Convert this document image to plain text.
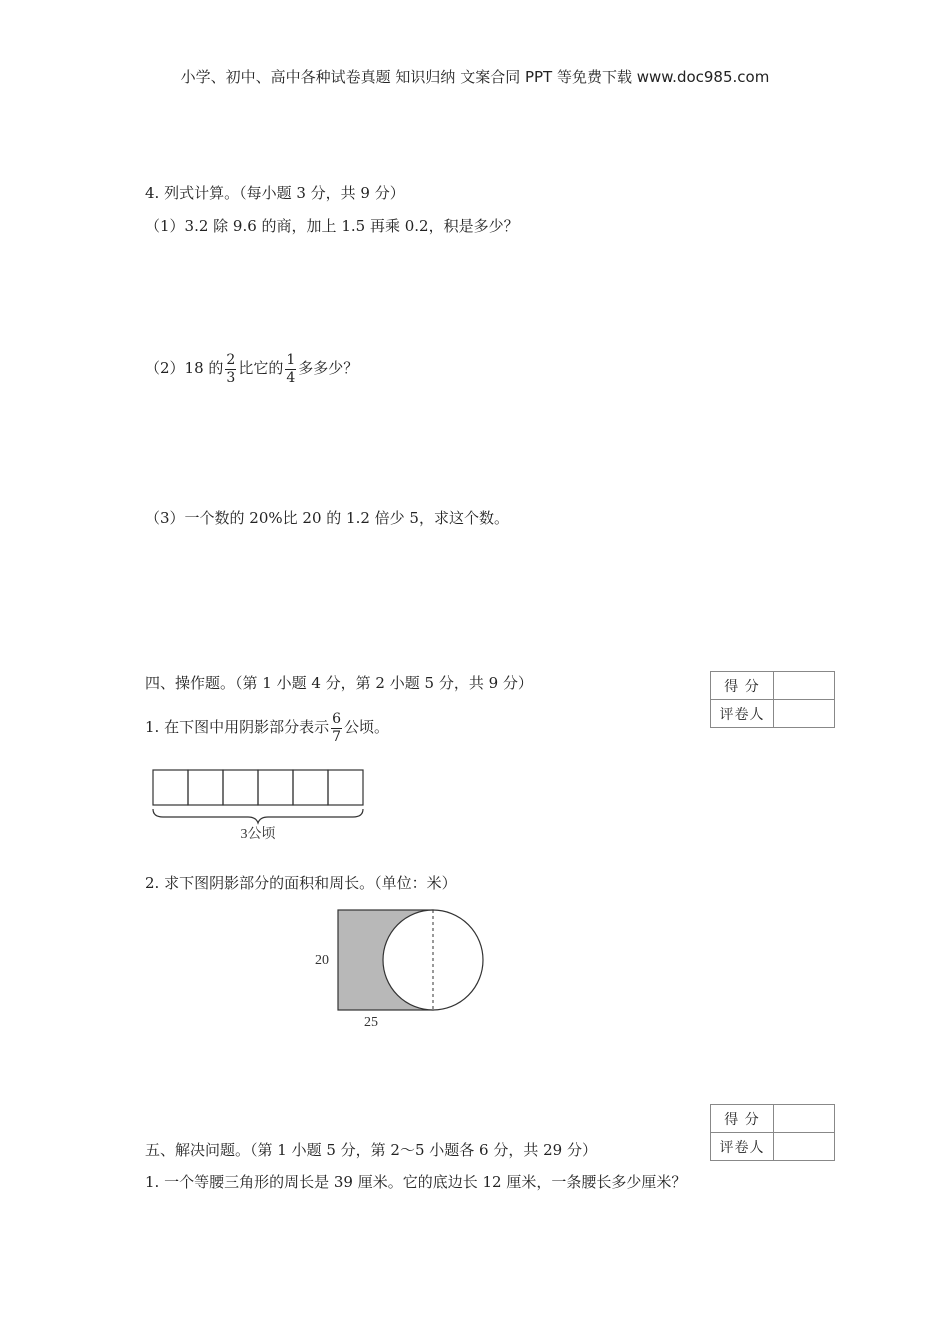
小学、初中、高中各种试卷真题 知识归纳 文案合同 PPT 等免费下载 www.doc985.com
4. 列式计算。（每小题 3 分，共 9 分）
（1）3.2 除 9.6 的商，加上 1.5 再乘 0.2，积是多少？
（2）18 的 $\frac{2}{3}$ 比它的 $\frac{1}{4}$ 多多少？
（3）一个数的 20%比 20 的 1.2 倍少 5，求这个数。
四、操作题。（第 1 小题 4 分，第 2 小题 5 分，共 9 分）	得 分	
评卷人	
1. 在下图中用阴影部分表示 $\frac{6}{7}$ 公顷。
3公顷
2. 求下图阴影部分的面积和周长。（单位：米）
20
25
得 分	
评卷人	
五、解决问题。（第 1 小题 5 分，第 2～5 小题各 6 分，共 29 分）
1. 一个等腰三角形的周长是 39 厘米。它的底边长 12 厘米，一条腰长多少厘米？
